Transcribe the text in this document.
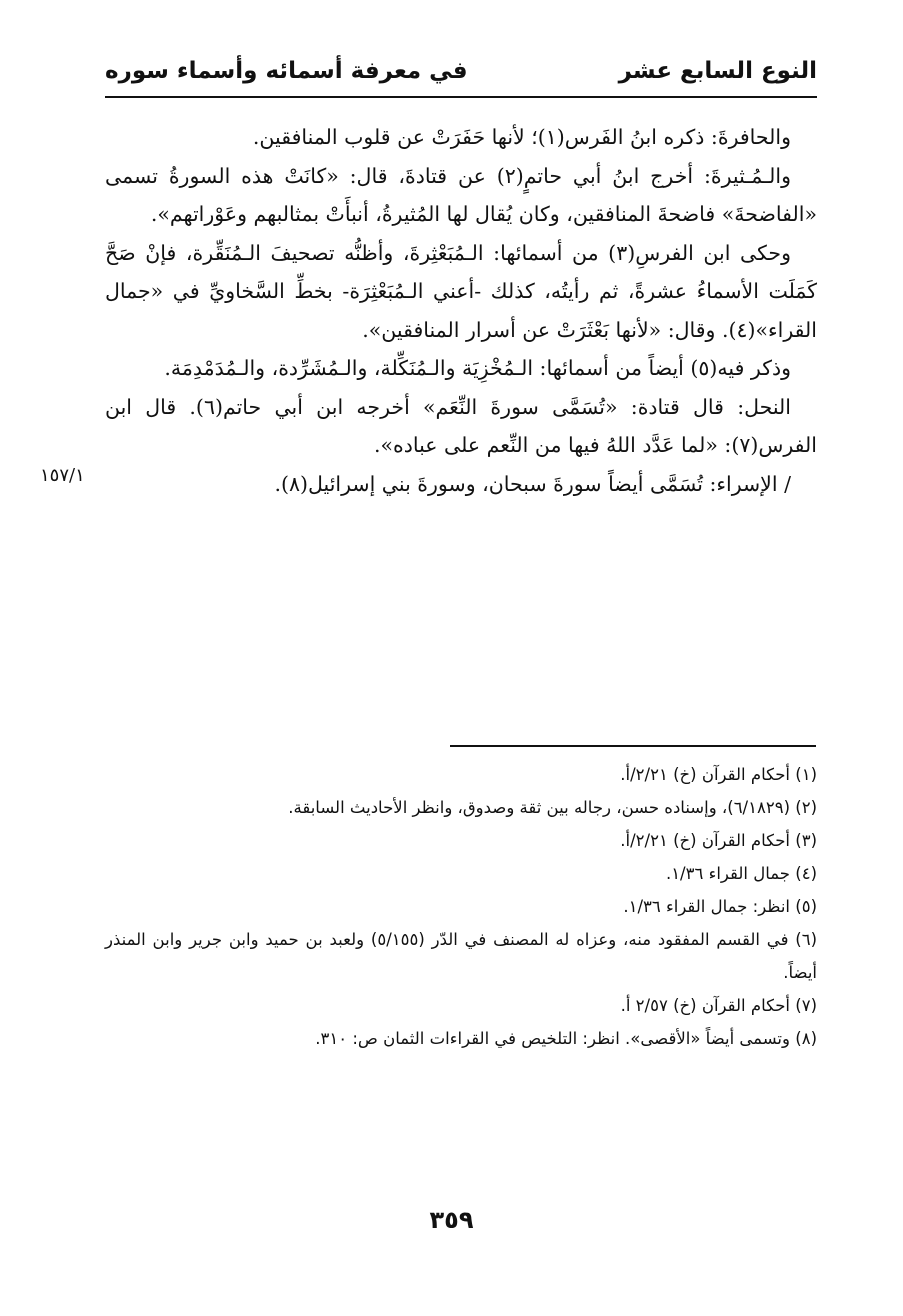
النوع السابع عشر
في معرفة أسمائه وأسماء سوره

والحافرةَ: ذكره ابنُ الفَرس(١)؛ لأنها حَفَرَتْ عن قلوب المنافقين.

والـمُـثيرةَ: أخرج ابنُ أبي حاتمٍ(٢) عن قتادةَ، قال: «كانَتْ هذه السورةُ تسمى «الفاضحةَ» فاضحةَ المنافقين، وكان يُقال لها المُثيرةُ، أنبأَتْ بمثالبهم وعَوْراتهم».

وحكى ابن الفرسِ(٣) من أسمائها: الـمُبَعْثِرةَ، وأظنُّه تصحيفَ الـمُنَقِّرة، فإنْ صَحَّ كَمَلَت الأسماءُ عشرةً، ثم رأيتُه، كذلك -أعني الـمُبَعْثِرَة- بخطِّ السَّخاويِّ في «جمال القراء»(٤). وقال: «لأنها بَعْثَرَتْ عن أسرار المنافقين».

وذكر فيه(٥) أيضاً من أسمائها: الـمُخْزِيَة والـمُنَكِّلة، والـمُشَرِّدة، والـمُدَمْدِمَة.

النحل: قال قتادة: «تُسَمَّى سورةَ النِّعَم» أخرجه ابن أبي حاتم(٦). قال ابن الفرس(٧): «لما عَدَّد اللهُ فيها من النِّعم على عباده».

/ الإسراء: تُسَمَّى أيضاً سورةَ سبحان، وسورةَ بني إسرائيل(٨).

١٥٧/١

(١) أحكام القرآن (خ) ٢/٢١/أ.

(٢) (٦/١٨٢٩)، وإسناده حسن، رجاله بين ثقة وصدوق، وانظر الأحاديث السابقة.

(٣) أحكام القرآن (خ) ٢/٢١/أ.

(٤) جمال القراء ١/٣٦.

(٥) انظر: جمال القراء ١/٣٦.

(٦) في القسم المفقود منه، وعزاه له المصنف في الدّر (٥/١٥٥) ولعبد بن حميد وابن جرير وابن المنذر أيضاً.

(٧) أحكام القرآن (خ) ٢/٥٧ أ.

(٨) وتسمى أيضاً «الأقصى». انظر: التلخيص في القراءات الثمان ص: ٣١٠.

٣٥٩
